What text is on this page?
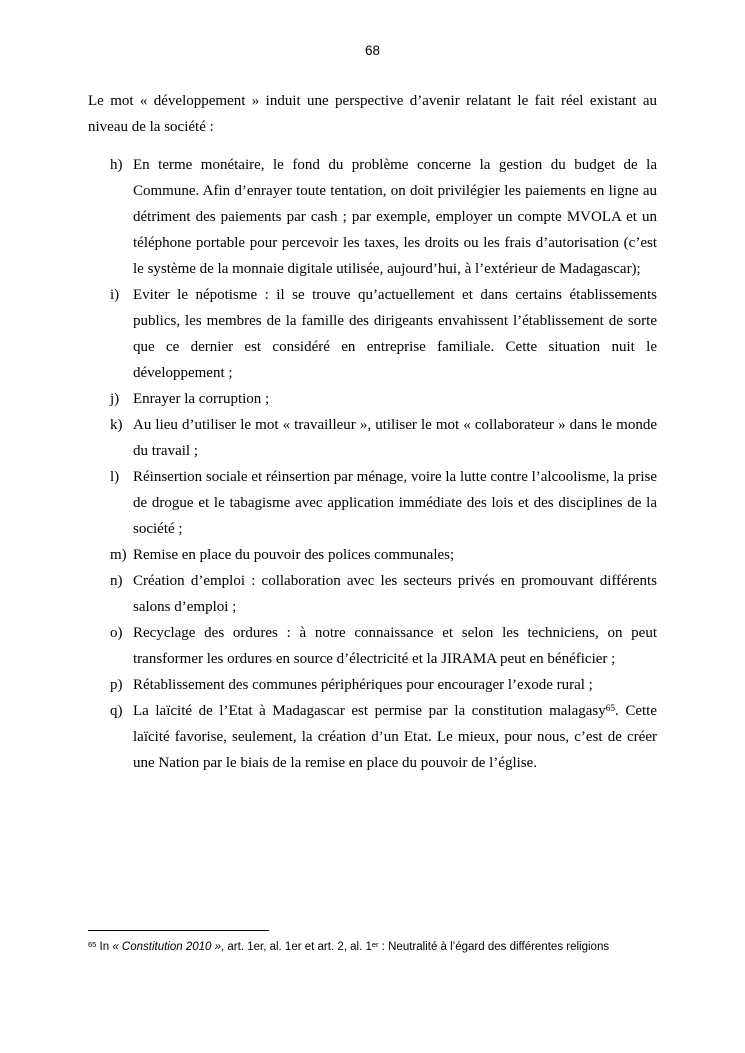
68

Le mot « développement » induit une perspective d’avenir relatant le fait réel existant au niveau de la société :

h) En terme monétaire, le fond du problème concerne la gestion du budget de la Commune. Afin d’enrayer toute tentation, on doit privilégier les paiements en ligne au détriment des paiements par cash ; par exemple, employer un compte MVOLA et un téléphone portable pour percevoir les taxes, les droits ou les frais d’autorisation (c’est le système de la monnaie digitale utilisée, aujourd’hui, à l’extérieur de Madagascar);
i) Eviter le népotisme : il se trouve qu’actuellement et dans certains établissements publics, les membres de la famille des dirigeants envahissent l’établissement de sorte que ce dernier est considéré en entreprise familiale. Cette situation nuit le développement ;
j) Enrayer la corruption ;
k) Au lieu d’utiliser le mot « travailleur », utiliser le mot « collaborateur » dans le monde du travail ;
l) Réinsertion sociale et réinsertion par ménage, voire la lutte contre l’alcoolisme, la prise de drogue et le tabagisme avec application immédiate des lois et des disciplines de la société ;
m) Remise en place du pouvoir des polices communales;
n) Création d’emploi : collaboration avec les secteurs privés en promouvant différents salons d’emploi ;
o) Recyclage des ordures : à notre connaissance et selon les techniciens, on peut transformer les ordures en source d’électricité et la JIRAMA peut en bénéficier ;
p) Rétablissement des communes périphériques pour encourager l’exode rural ;
q) La laïcité de l’Etat à Madagascar est permise par la constitution malagasy$^{65}$. Cette laïcité favorise, seulement, la création d’un Etat. Le mieux, pour nous, c’est de créer une Nation par le biais de la remise en place du pouvoir de l’église.

$^{65}$ In « Constitution 2010 », art. 1er, al. 1er et art. 2, al. 1er : Neutralité à l’égard des différentes religions
